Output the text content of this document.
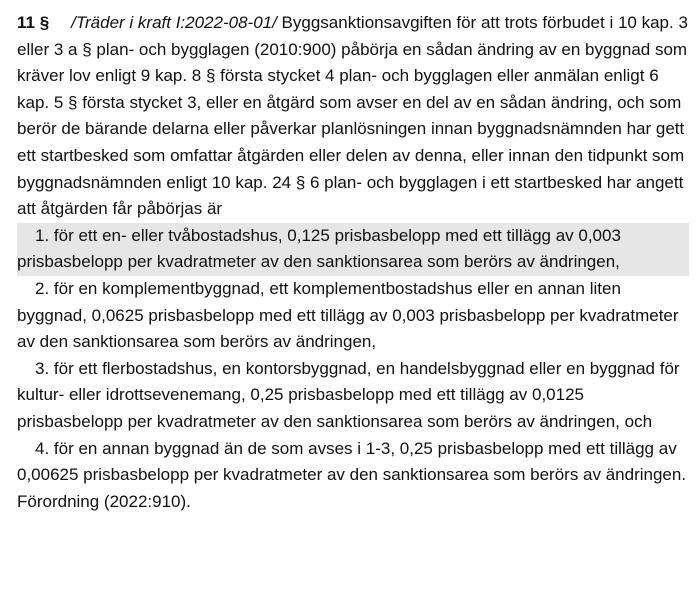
11 § /Träder i kraft I:2022-08-01/ Byggsanktionsavgiften för att trots förbudet i 10 kap. 3 eller 3 a § plan- och bygglagen (2010:900) påbörja en sådan ändring av en byggnad som kräver lov enligt 9 kap. 8 § första stycket 4 plan- och bygglagen eller anmälan enligt 6 kap. 5 § första stycket 3, eller en åtgärd som avser en del av en sådan ändring, och som berör de bärande delarna eller påverkar planlösningen innan byggnadsnämnden har gett ett startbesked som omfattar åtgärden eller delen av denna, eller innan den tidpunkt som byggnadsnämnden enligt 10 kap. 24 § 6 plan- och bygglagen i ett startbesked har angett att åtgärden får påbörjas är

1. för ett en- eller tvåbostadshus, 0,125 prisbasbelopp med ett tillägg av 0,003 prisbasbelopp per kvadratmeter av den sanktionsarea som berörs av ändringen,

2. för en komplementbyggnad, ett komplementbostadshus eller en annan liten byggnad, 0,0625 prisbasbelopp med ett tillägg av 0,003 prisbasbelopp per kvadratmeter av den sanktionsarea som berörs av ändringen,

3. för ett flerbostadshus, en kontorsbyggnad, en handelsbyggnad eller en byggnad för kultur- eller idrottsevenemang, 0,25 prisbasbelopp med ett tillägg av 0,0125 prisbasbelopp per kvadratmeter av den sanktionsarea som berörs av ändringen, och

4. för en annan byggnad än de som avses i 1-3, 0,25 prisbasbelopp med ett tillägg av 0,00625 prisbasbelopp per kvadratmeter av den sanktionsarea som berörs av ändringen.

Förordning (2022:910).
